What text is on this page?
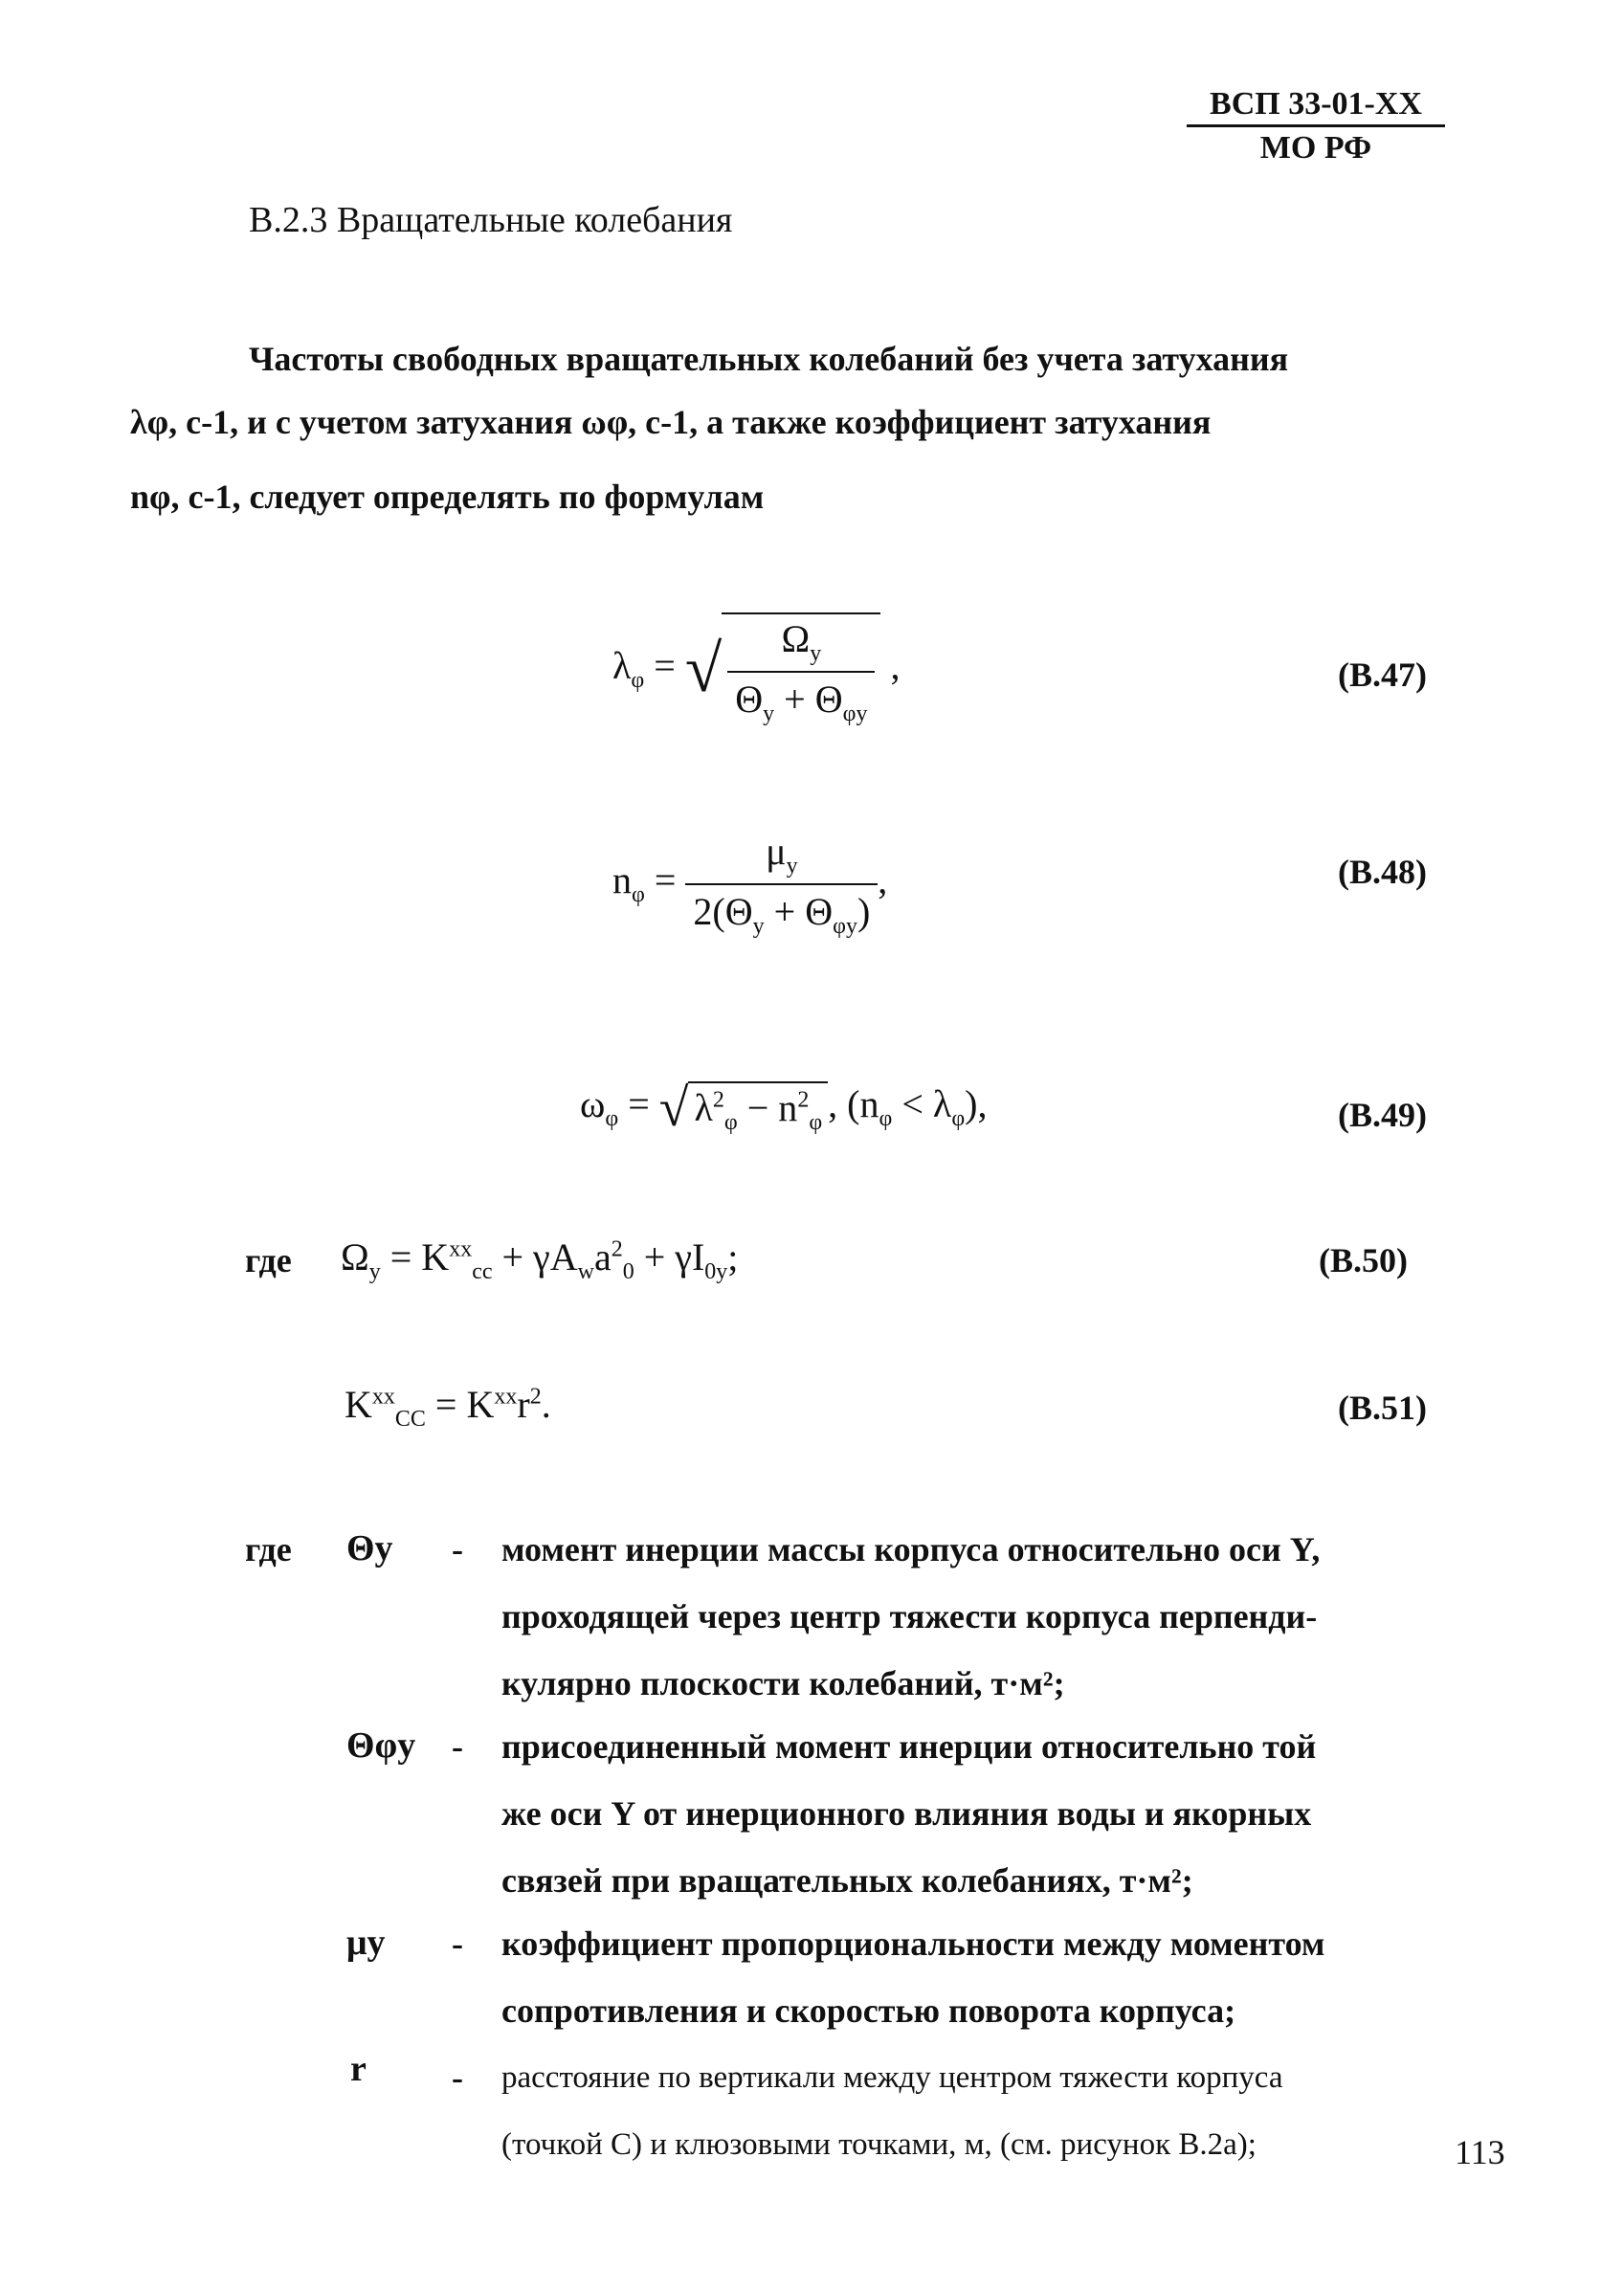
ВСП 33-01-XX
МО РФ
В.2.3 Вращательные колебания
Частоты свободных вращательных колебаний без учета затухания
λφ, с-1, и с учетом затухания ωφ, с-1, а также коэффициент затухания
nφ, с-1, следует определять по формулам
$\lambda_\varphi$ = √ $\frac{\Omega_y}{\Theta_y + \Theta_{\varphi y}}$ ,	(В.47)
$n_\varphi = \frac{\mu_y}{2(\Theta_y + \Theta_{\varphi y})}$ ,	(В.48)
$\omega_\varphi$ = √ $\lambda^2_\varphi - n^2_\varphi$ , $(n_\varphi < \lambda_\varphi)$,	(В.49)
где $\Omega_y = K^{xx}_{cc} + \gamma A_wa^2_0 + \gamma I_{0y}$;	(В.50)
$K^{xx}_{CC} = K^{xx}r^2$.	(В.51)
где Θy - момент инерции массы корпуса относительно оси Y,
проходящей через центр тяжести корпуса перпенди-
кулярно плоскости колебаний, т·м²;
Θφy - присоединенный момент инерции относительно той
же оси Y от инерционного влияния воды и якорных
связей при вращательных колебаниях, т·м²;
μy - коэффициент пропорциональности между моментом
сопротивления и скоростью поворота корпуса;
r - расстояние по вертикали между центром тяжести корпуса
(точкой С) и клюзовыми точками, м, (см. рисунок В.2а);	113
